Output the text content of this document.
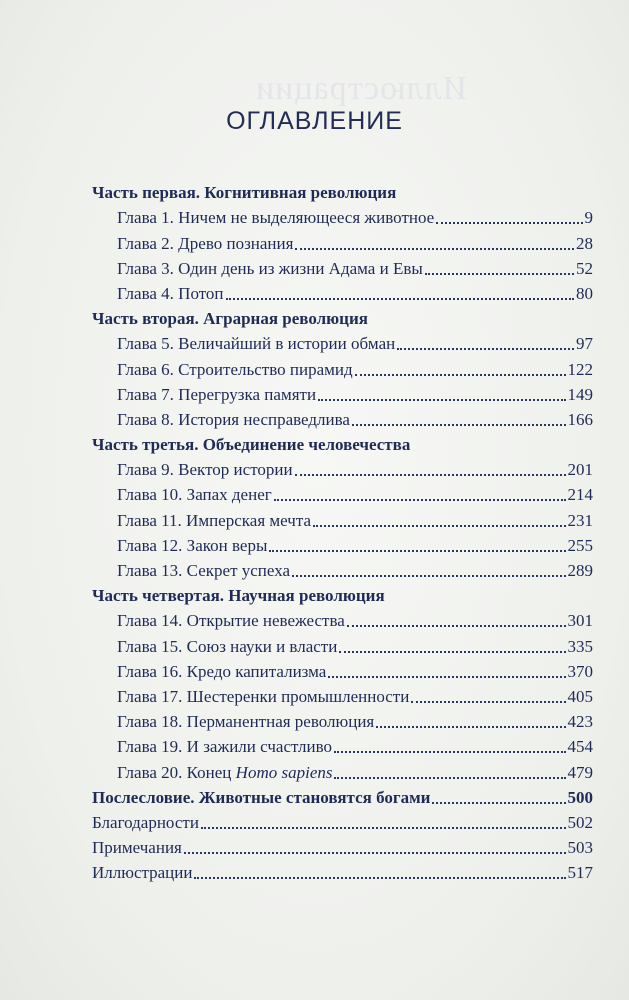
Иллюстрации
ОГЛАВЛЕНИЕ
Часть первая. Когнитивная революция
Глава 1. Ничем не выделяющееся животное	9
Глава 2. Древо познания	28
Глава 3. Один день из жизни Адама и Евы	52
Глава 4. Потоп	80
Часть вторая. Аграрная революция
Глава 5. Величайший в истории обман	97
Глава 6. Строительство пирамид	122
Глава 7. Перегрузка памяти	149
Глава 8. История несправедлива	166
Часть третья. Объединение человечества
Глава 9. Вектор истории	201
Глава 10. Запах денег	214
Глава 11. Имперская мечта	231
Глава 12. Закон веры	255
Глава 13. Секрет успеха	289
Часть четвертая. Научная революция
Глава 14. Открытие невежества	301
Глава 15. Союз науки и власти	335
Глава 16. Кредо капитализма	370
Глава 17. Шестеренки промышленности	405
Глава 18. Перманентная революция	423
Глава 19. И зажили счастливо	454
Глава 20. Конец Homo sapiens	479
Послесловие. Животные становятся богами	500
Благодарности	502
Примечания	503
Иллюстрации	517
